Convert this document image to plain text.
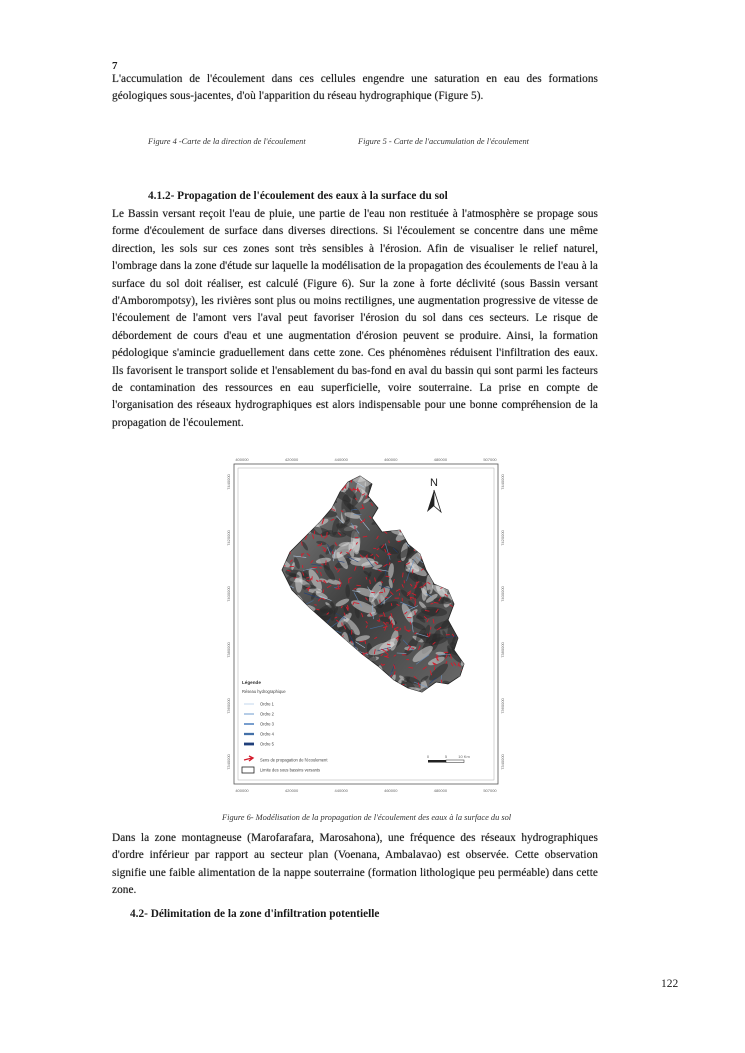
7
L'accumulation de l'écoulement dans ces cellules engendre une saturation en eau des formations géologiques sous-jacentes, d'où l'apparition du réseau hydrographique (Figure 5).
Figure 4 -Carte de la direction de l'écoulement	Figure 5 - Carte de l'accumulation de l'écoulement
4.1.2- Propagation de l'écoulement des eaux à la surface du sol
Le Bassin versant reçoit l'eau de pluie, une partie de l'eau non restituée à l'atmosphère se propage sous forme d'écoulement de surface dans diverses directions. Si l'écoulement se concentre dans une même direction, les sols sur ces zones sont très sensibles à l'érosion. Afin de visualiser le relief naturel, l'ombrage dans la zone d'étude sur laquelle la modélisation de la propagation des écoulements de l'eau à la surface du sol doit réaliser, est calculé (Figure 6). Sur la zone à forte déclivité (sous Bassin versant d'Amborompotsy), les rivières sont plus ou moins rectilignes, une augmentation progressive de vitesse de l'écoulement de l'amont vers l'aval peut favoriser l'érosion du sol dans ces secteurs. Le risque de débordement de cours d'eau et une augmentation d'érosion peuvent se produire. Ainsi, la formation pédologique s'amincie graduellement dans cette zone. Ces phénomènes réduisent l'infiltration des eaux. Ils favorisent le transport solide et l'ensablement du bas-fond en aval du bassin qui sont parmi les facteurs de contamination des ressources en eau superficielle, voire souterraine. La prise en compte de l'organisation des réseaux hydrographiques est alors indispensable pour une bonne compréhension de la propagation de l'écoulement.
400000	420000	440000	460000	480000	507000
400000	420000	440000	460000	480000	507000
7440000
7420000
7400000
7380000
7360000
7340000
7440000
7420000
7400000
7380000
7360000
7340000
N
Légende
Réseau hydrographique
Ordre 1
Ordre 2
Ordre 3
Ordre 4
Ordre 5
Sens de propagation de l'écoulement
Limite des sous bassins versants
0	5	10 Km
Figure 6- Modélisation de la propagation de l'écoulement des eaux à la surface du sol
Dans la zone montagneuse (Marofarafara, Marosahona), une fréquence des réseaux hydrographiques d'ordre inférieur par rapport au secteur plan (Voenana, Ambalavao) est observée. Cette observation signifie une faible alimentation de la nappe souterraine (formation lithologique peu perméable) dans cette zone.
4.2- Délimitation de la zone d'infiltration potentielle
122
